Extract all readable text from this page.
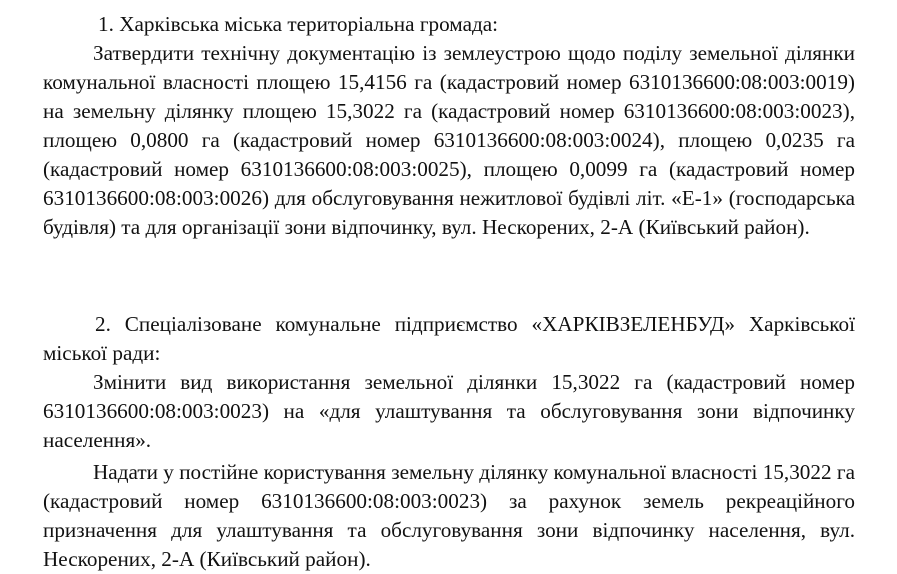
1. Харківська міська територіальна громада:

Затвердити технічну документацію із землеустрою щодо поділу земельної ділянки комунальної власності площею 15,4156 га (кадастровий номер 6310136600:08:003:0019) на земельну ділянку площею 15,3022 га (кадастровий номер 6310136600:08:003:0023), площею 0,0800 га (кадастровий номер 6310136600:08:003:0024), площею 0,0235 га (кадастровий номер 6310136600:08:003:0025), площею 0,0099 га (кадастровий номер 6310136600:08:003:0026) для обслуговування нежитлової будівлі літ. «Е-1» (господарська будівля) та для організації зони відпочинку, вул. Нескорених, 2-А (Київський район).

2. Спеціалізоване комунальне підприємство «ХАРКІВЗЕЛЕНБУД» Харківської міської ради:

Змінити вид використання земельної ділянки 15,3022 га (кадастровий номер 6310136600:08:003:0023) на «для улаштування та обслуговування зони відпочинку населення».

Надати у постійне користування земельну ділянку комунальної власності 15,3022 га (кадастровий номер 6310136600:08:003:0023) за рахунок земель рекреаційного призначення для улаштування та обслуговування зони відпочинку населення, вул. Нескорених, 2-А (Київський район).
